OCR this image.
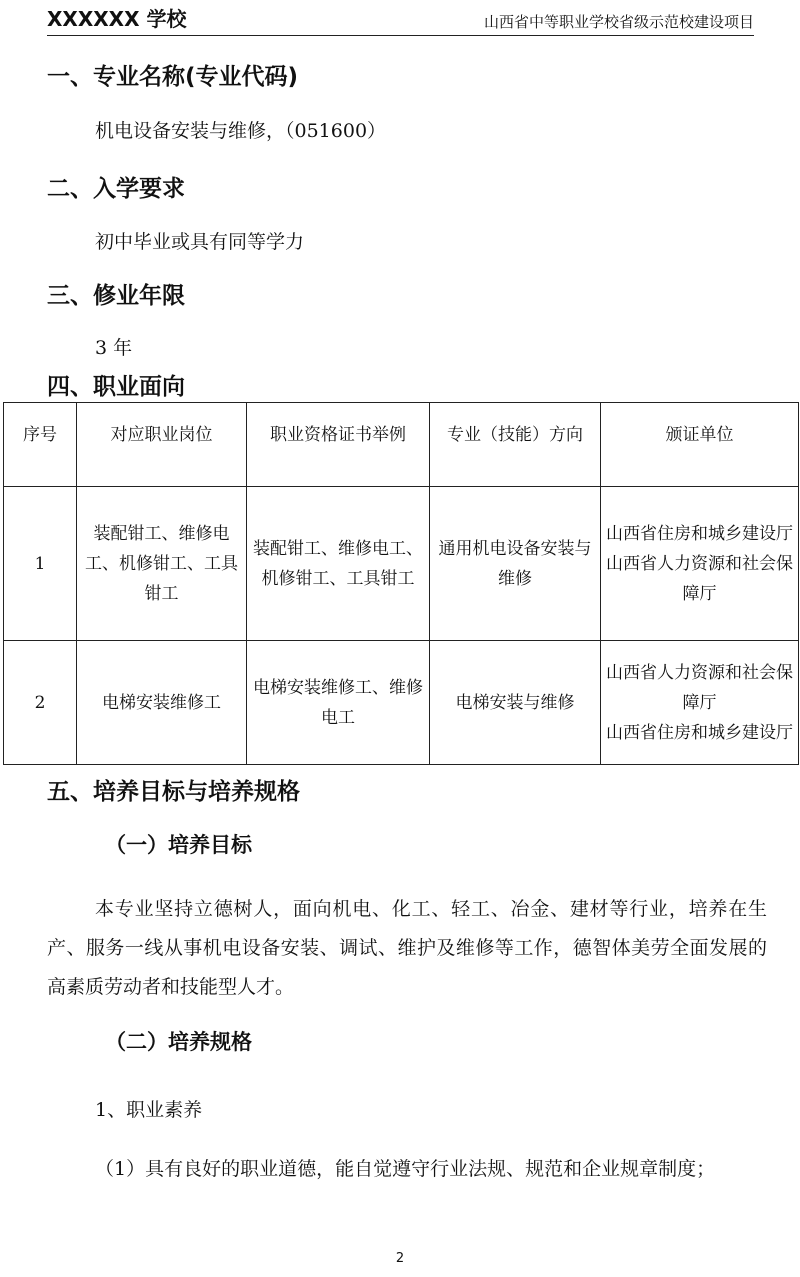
XXXXXX 学校	山西省中等职业学校省级示范校建设项目
一、专业名称(专业代码)
机电设备安装与维修，（051600）
二、入学要求
初中毕业或具有同等学力
三、修业年限
3 年
四、职业面向
序号	对应职业岗位	职业资格证书举例	专业（技能）方向	颁证单位
1	装配钳工、维修电工、机修钳工、工具钳工	装配钳工、维修电工、机修钳工、工具钳工	通用机电设备安装与维修	山西省住房和城乡建设厅
山西省人力资源和社会保障厅

2	电梯安装维修工	电梯安装维修工、维修电工	电梯安装与维修	山西省人力资源和社会保障厅
山西省住房和城乡建设厅
五、培养目标与培养规格
（一）培养目标
本专业坚持立德树人，面向机电、化工、轻工、冶金、建材等行业，培养在生产、服务一线从事机电设备安装、调试、维护及维修等工作，德智体美劳全面发展的高素质劳动者和技能型人才。
（二）培养规格
1、职业素养
（1）具有良好的职业道德，能自觉遵守行业法规、规范和企业规章制度；
2
